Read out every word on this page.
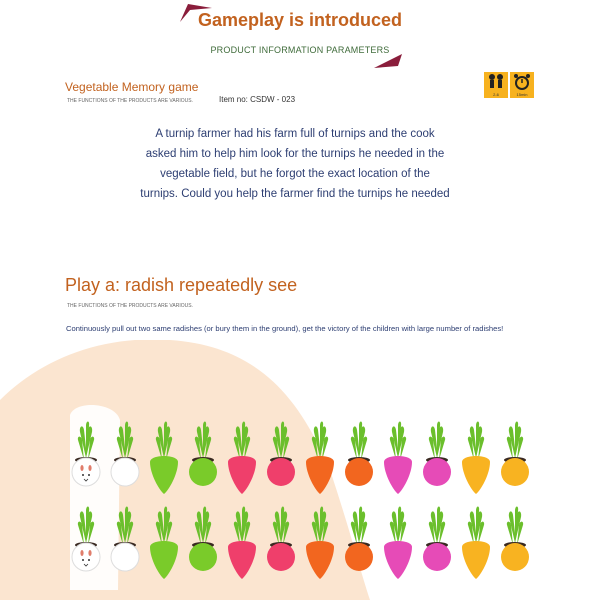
Gameplay is introduced
PRODUCT INFORMATION PARAMETERS
Vegetable Memory game
THE FUNCTIONS OF THE PRODUCTS ARE VARIOUS.	Item no: CSDW - 023
2-6	15min
A turnip farmer had his farm full of turnips and the cook asked him to help him look for the turnips he needed in the vegetable field, but he forgot the exact location of the turnips. Could you help the farmer find the turnips he needed
Play a: radish repeatedly see
THE FUNCTIONS OF THE PRODUCTS ARE VARIOUS.
Continuously pull out two same radishes (or bury them in the ground), get the victory of the children with large number of radishes!
